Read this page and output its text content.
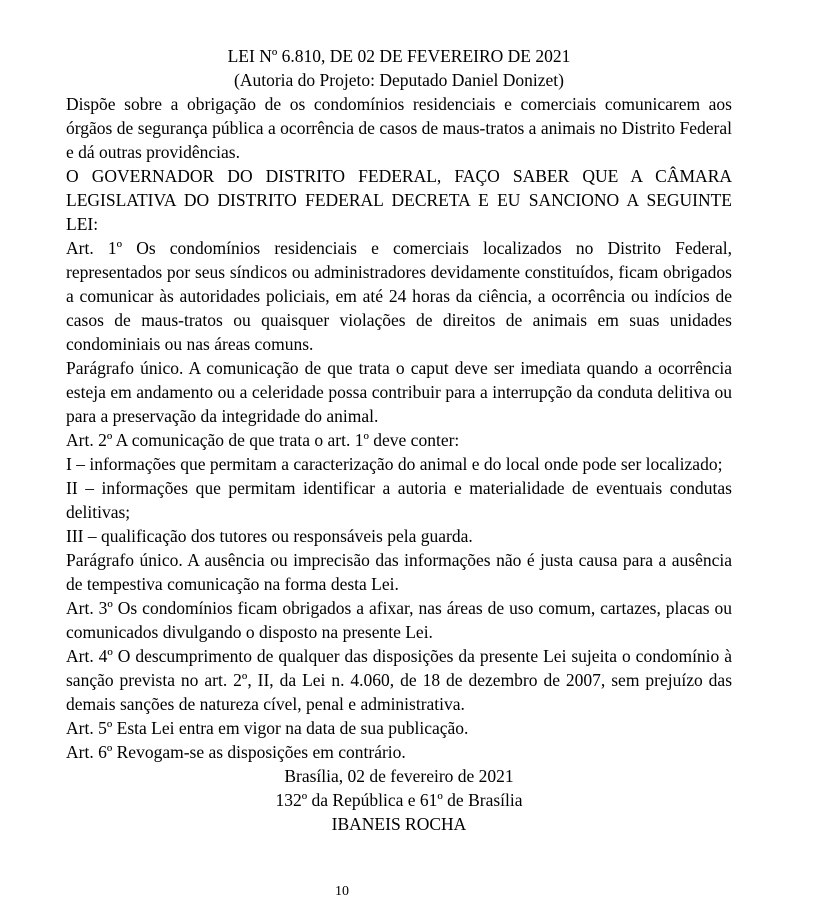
LEI Nº 6.810, DE 02 DE FEVEREIRO DE 2021

(Autoria do Projeto: Deputado Daniel Donizet)

Dispõe sobre a obrigação de os condomínios residenciais e comerciais comunicarem aos órgãos de segurança pública a ocorrência de casos de maus-tratos a animais no Distrito Federal e dá outras providências.

O GOVERNADOR DO DISTRITO FEDERAL, FAÇO SABER QUE A CÂMARA LEGISLATIVA DO DISTRITO FEDERAL DECRETA E EU SANCIONO A SEGUINTE LEI:

Art. 1º Os condomínios residenciais e comerciais localizados no Distrito Federal, representados por seus síndicos ou administradores devidamente constituídos, ficam obrigados a comunicar às autoridades policiais, em até 24 horas da ciência, a ocorrência ou indícios de casos de maus-tratos ou quaisquer violações de direitos de animais em suas unidades condominiais ou nas áreas comuns.

Parágrafo único. A comunicação de que trata o caput deve ser imediata quando a ocorrência esteja em andamento ou a celeridade possa contribuir para a interrupção da conduta delitiva ou para a preservação da integridade do animal.

Art. 2º A comunicação de que trata o art. 1º deve conter:

I – informações que permitam a caracterização do animal e do local onde pode ser localizado;

II – informações que permitam identificar a autoria e materialidade de eventuais condutas delitivas;

III – qualificação dos tutores ou responsáveis pela guarda.

Parágrafo único. A ausência ou imprecisão das informações não é justa causa para a ausência de tempestiva comunicação na forma desta Lei.

Art. 3º Os condomínios ficam obrigados a afixar, nas áreas de uso comum, cartazes, placas ou comunicados divulgando o disposto na presente Lei.

Art. 4º O descumprimento de qualquer das disposições da presente Lei sujeita o condomínio à sanção prevista no art. 2º, II, da Lei n. 4.060, de 18 de dezembro de 2007, sem prejuízo das demais sanções de natureza cível, penal e administrativa.

Art. 5º Esta Lei entra em vigor na data de sua publicação.

Art. 6º Revogam-se as disposições em contrário.

Brasília, 02 de fevereiro de 2021

132º da República e 61º de Brasília

IBANEIS ROCHA

10
